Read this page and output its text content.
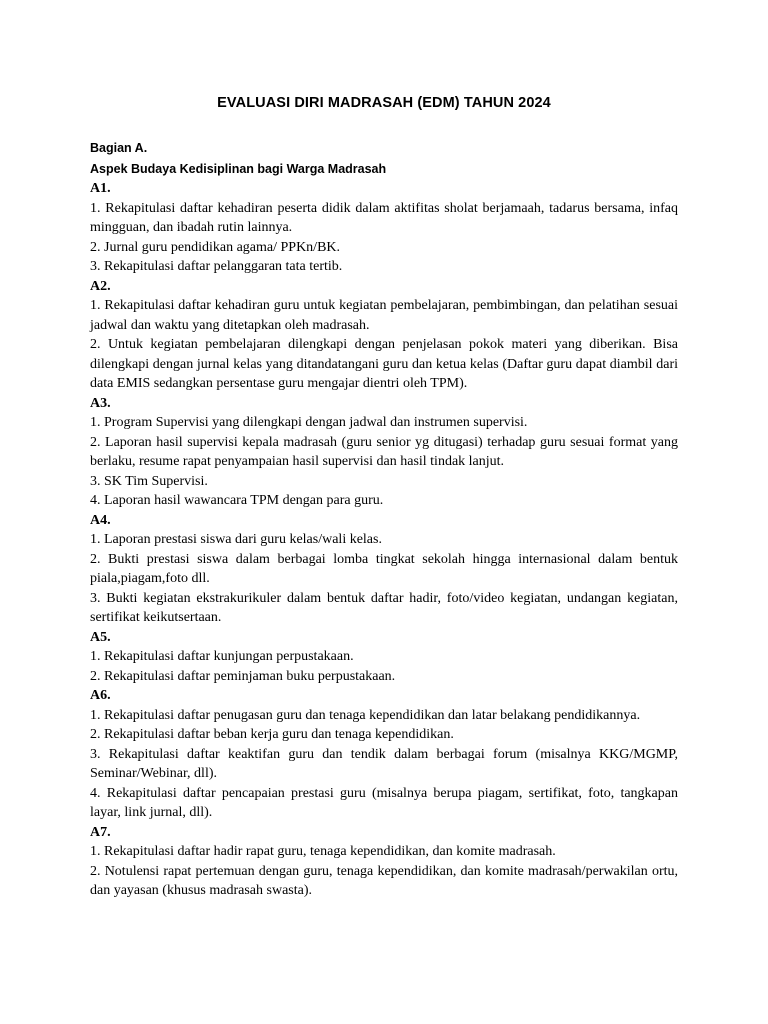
EVALUASI DIRI MADRASAH (EDM) TAHUN 2024

Bagian A.

Aspek Budaya Kedisiplinan bagi Warga Madrasah

A1.

1. Rekapitulasi daftar kehadiran peserta didik dalam aktifitas sholat berjamaah, tadarus bersama, infaq mingguan, dan ibadah rutin lainnya.

2. Jurnal guru pendidikan agama/ PPKn/BK.

3. Rekapitulasi daftar pelanggaran tata tertib.

A2.

1. Rekapitulasi daftar kehadiran guru untuk kegiatan pembelajaran, pembimbingan, dan pelatihan sesuai jadwal dan waktu yang ditetapkan oleh madrasah.

2. Untuk kegiatan pembelajaran dilengkapi dengan penjelasan pokok materi yang diberikan. Bisa dilengkapi dengan jurnal kelas yang ditandatangani guru dan ketua kelas (Daftar guru dapat diambil dari data EMIS sedangkan persentase guru mengajar dientri oleh TPM).

A3.

1. Program Supervisi yang dilengkapi dengan jadwal dan instrumen supervisi.

2. Laporan hasil supervisi kepala madrasah (guru senior yg ditugasi) terhadap guru sesuai format yang berlaku, resume rapat penyampaian hasil supervisi dan hasil tindak lanjut.

3. SK Tim Supervisi.

4. Laporan hasil wawancara TPM dengan para guru.

A4.

1. Laporan prestasi siswa dari guru kelas/wali kelas.

2. Bukti prestasi siswa dalam berbagai lomba tingkat sekolah hingga internasional dalam bentuk piala,piagam,foto dll.

3. Bukti kegiatan ekstrakurikuler dalam bentuk daftar hadir, foto/video kegiatan, undangan kegiatan, sertifikat keikutsertaan.

A5.

1. Rekapitulasi daftar kunjungan perpustakaan.

2. Rekapitulasi daftar peminjaman buku perpustakaan.

A6.

1. Rekapitulasi daftar penugasan guru dan tenaga kependidikan dan latar belakang pendidikannya.

2. Rekapitulasi daftar beban kerja guru dan tenaga kependidikan.

3. Rekapitulasi daftar keaktifan guru dan tendik dalam berbagai forum (misalnya KKG/MGMP, Seminar/Webinar, dll).

4. Rekapitulasi daftar pencapaian prestasi guru (misalnya berupa piagam, sertifikat, foto, tangkapan layar, link jurnal, dll).

A7.

1. Rekapitulasi daftar hadir rapat guru, tenaga kependidikan, dan komite madrasah.

2. Notulensi rapat pertemuan dengan guru, tenaga kependidikan, dan komite madrasah/perwakilan ortu, dan yayasan (khusus madrasah swasta).
